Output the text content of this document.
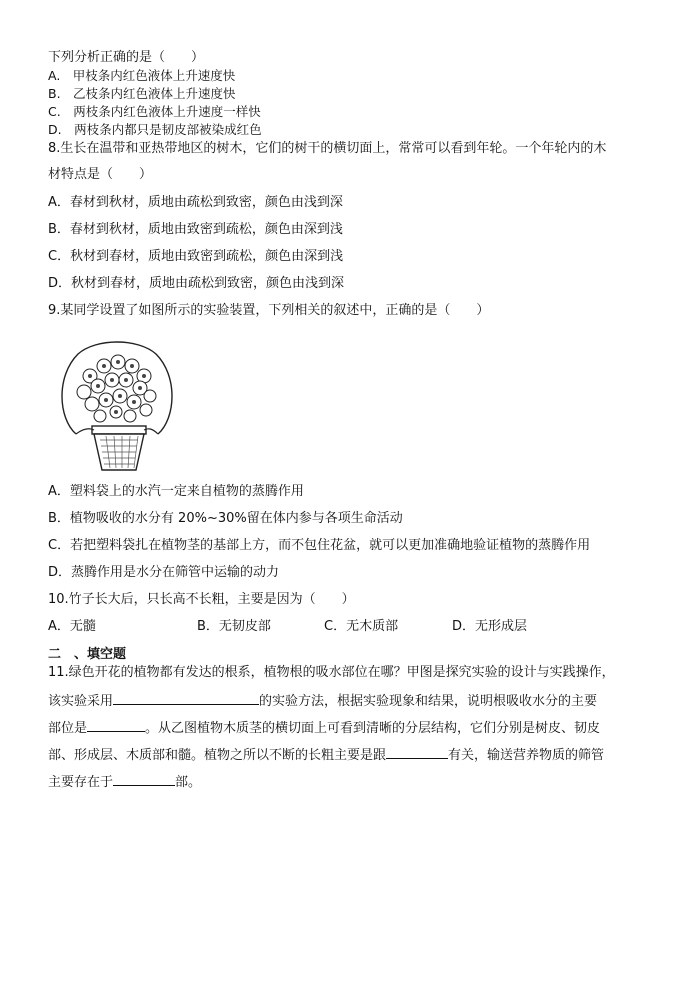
下列分析正确的是（　　）
A.　甲枝条内红色液体上升速度快
B.　乙枝条内红色液体上升速度快
C.　两枝条内红色液体上升速度一样快
D.　两枝条内都只是韧皮部被染成红色
8.生长在温带和亚热带地区的树木，它们的树干的横切面上，常常可以看到年轮。一个年轮内的木
材特点是（　　）
A．春材到秋材，质地由疏松到致密，颜色由浅到深
B．春材到秋材，质地由致密到疏松，颜色由深到浅
C．秋材到春材，质地由致密到疏松，颜色由深到浅
D．秋材到春材，质地由疏松到致密，颜色由浅到深
9.某同学设置了如图所示的实验装置，下列相关的叙述中，正确的是（　　）
A．塑料袋上的水汽一定来自植物的蒸腾作用
B．植物吸收的水分有 20%~30%留在体内参与各项生命活动
C．若把塑料袋扎在植物茎的基部上方，而不包住花盆，就可以更加准确地验证植物的蒸腾作用
D．蒸腾作用是水分在筛管中运输的动力
10.竹子长大后，只长高不长粗，主要是因为（　　）
A．无髓	B．无韧皮部	C．无木质部	D．无形成层
二　、填空题
11.绿色开花的植物都有发达的根系，植物根的吸水部位在哪？甲图是探究实验的设计与实践操作，
该实验采用	的实验方法，根据实验现象和结果，说明根吸收水分的主要
部位是	。从乙图植物木质茎的横切面上可看到清晰的分层结构，它们分别是树皮、韧皮
部、形成层、木质部和髓。植物之所以不断的长粗主要是跟	有关，输送营养物质的筛管
主要存在于	部。
